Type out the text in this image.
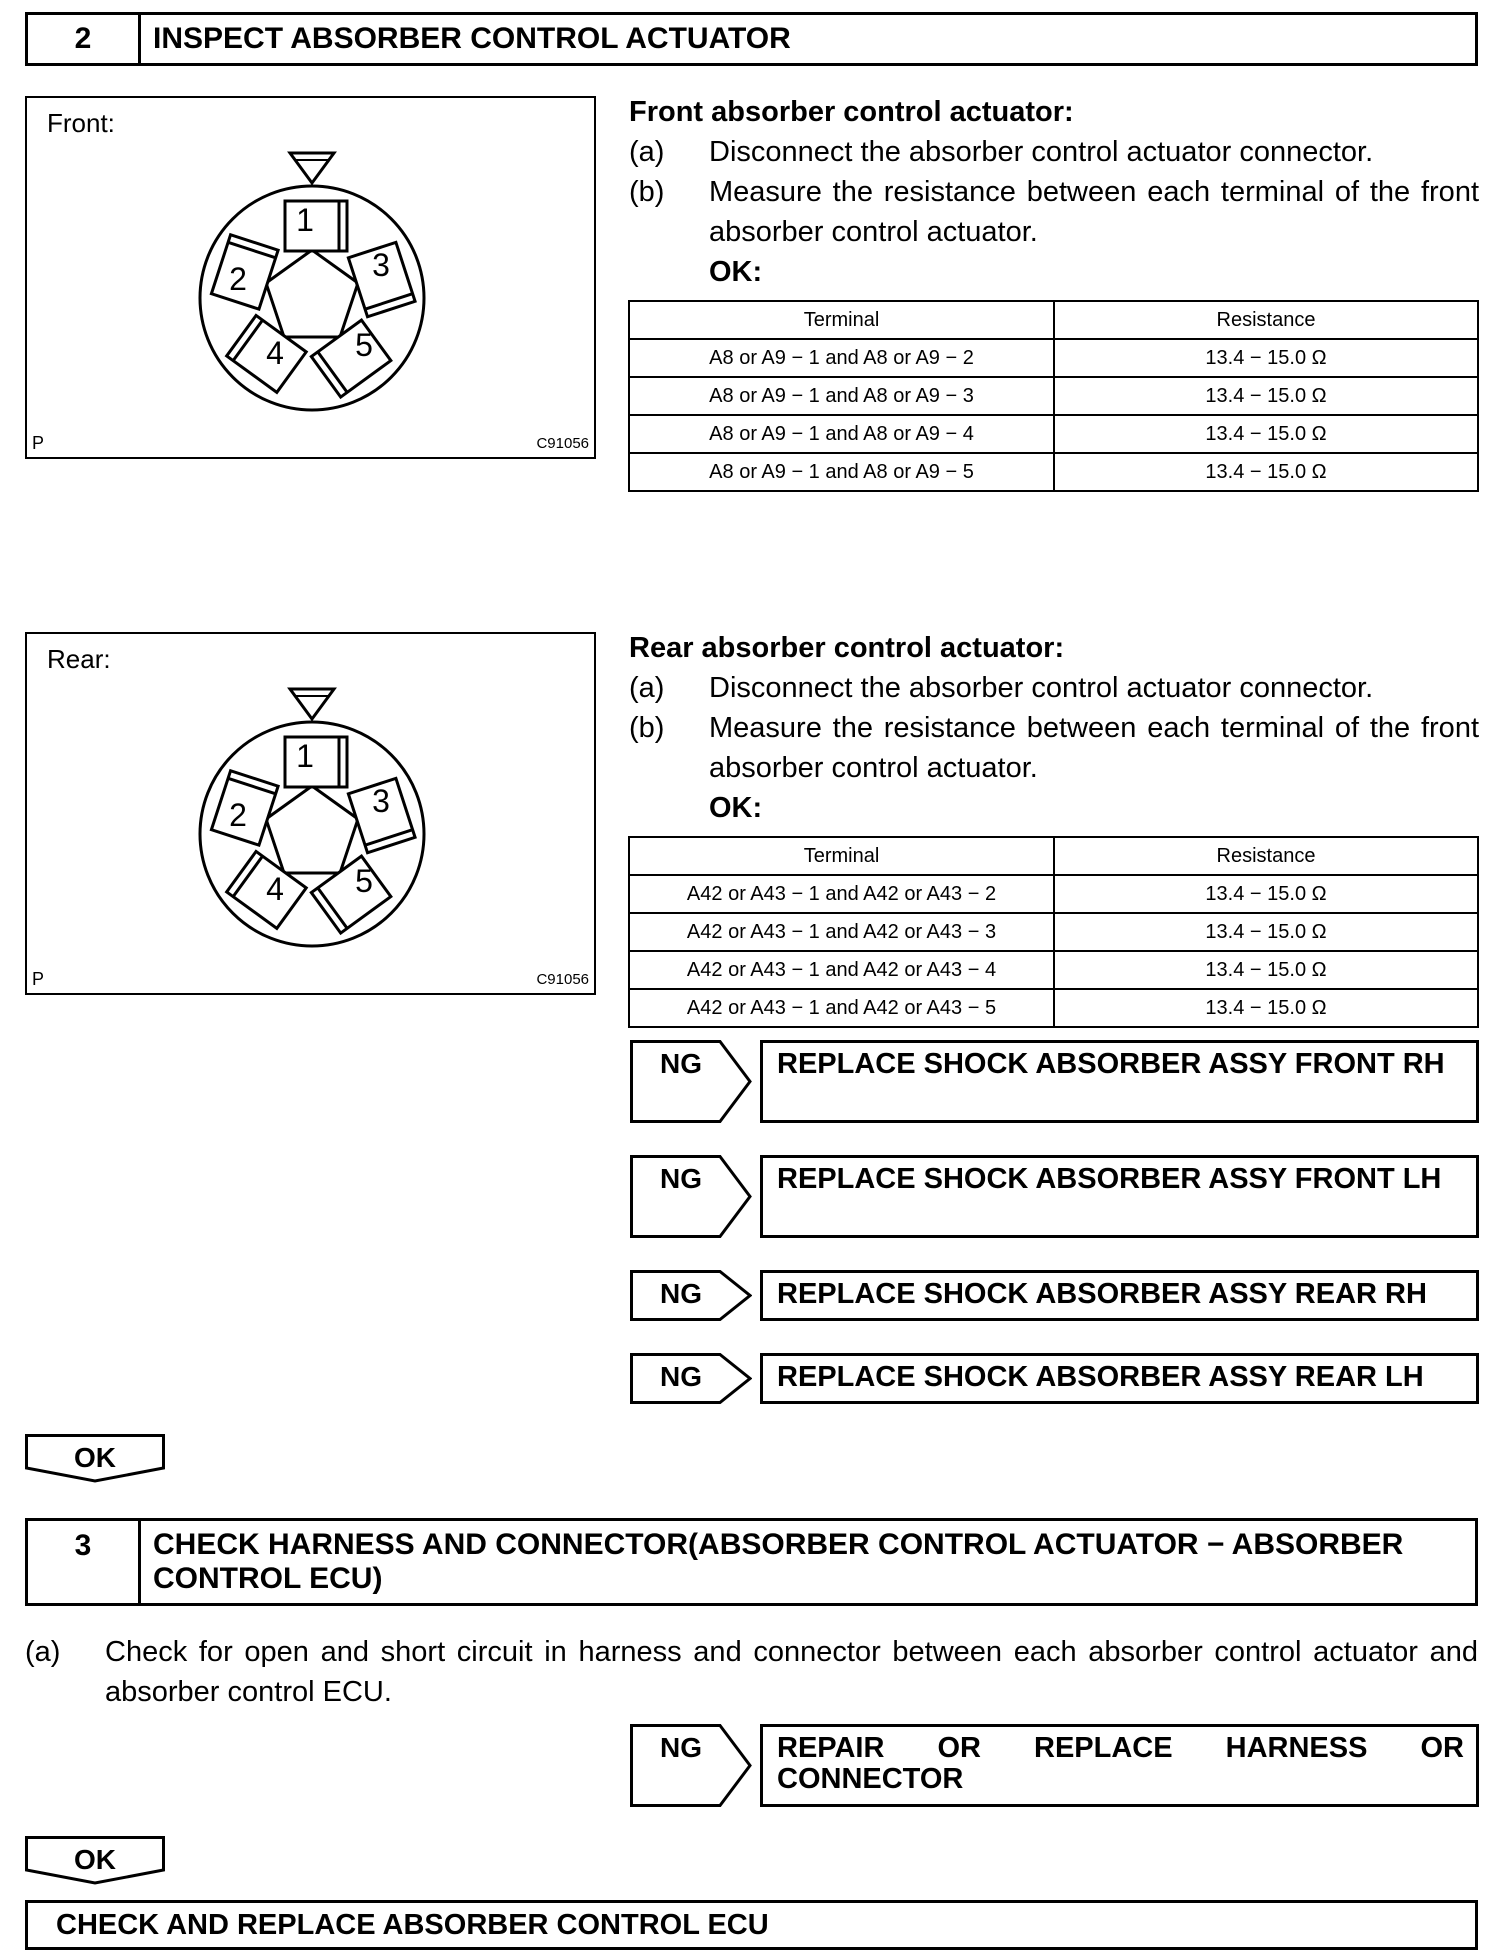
2	INSPECT ABSORBER CONTROL ACTUATOR
1
3
2
4 5
Front:
P	C91056
Front absorber control actuator:
(a)	Disconnect the absorber control actuator connector.
(b)	Measure the resistance between each terminal of the front absorber control actuator.
OK:
Terminal	Resistance
A8 or A9 − 1 and A8 or A9 − 2	13.4 − 15.0 Ω
A8 or A9 − 1 and A8 or A9 − 3	13.4 − 15.0 Ω
A8 or A9 − 1 and A8 or A9 − 4	13.4 − 15.0 Ω
A8 or A9 − 1 and A8 or A9 − 5	13.4 − 15.0 Ω
1
3
2
4 5
Rear:
P	C91056
Rear absorber control actuator:
(a)	Disconnect the absorber control actuator connector.
(b)	Measure the resistance between each terminal of the front absorber control actuator.
OK:
Terminal	Resistance
A42 or A43 − 1 and A42 or A43 − 2	13.4 − 15.0 Ω
A42 or A43 − 1 and A42 or A43 − 3	13.4 − 15.0 Ω
A42 or A43 − 1 and A42 or A43 − 4	13.4 − 15.0 Ω
A42 or A43 − 1 and A42 or A43 − 5	13.4 − 15.0 Ω
NG	REPLACE SHOCK ABSORBER ASSY FRONT RH
NG	REPLACE SHOCK ABSORBER ASSY FRONT LH
NG	REPLACE SHOCK ABSORBER ASSY REAR RH
NG	REPLACE SHOCK ABSORBER ASSY REAR LH
OK
3	CHECK HARNESS AND CONNECTOR(ABSORBER CONTROL ACTUATOR − ABSORBER CONTROL ECU)
(a)	Check for open and short circuit in harness and connector between each absorber control actuator and absorber control ECU.
NG	REPAIR OR REPLACE HARNESS OR CONNECTOR
OK
CHECK AND REPLACE ABSORBER CONTROL ECU
